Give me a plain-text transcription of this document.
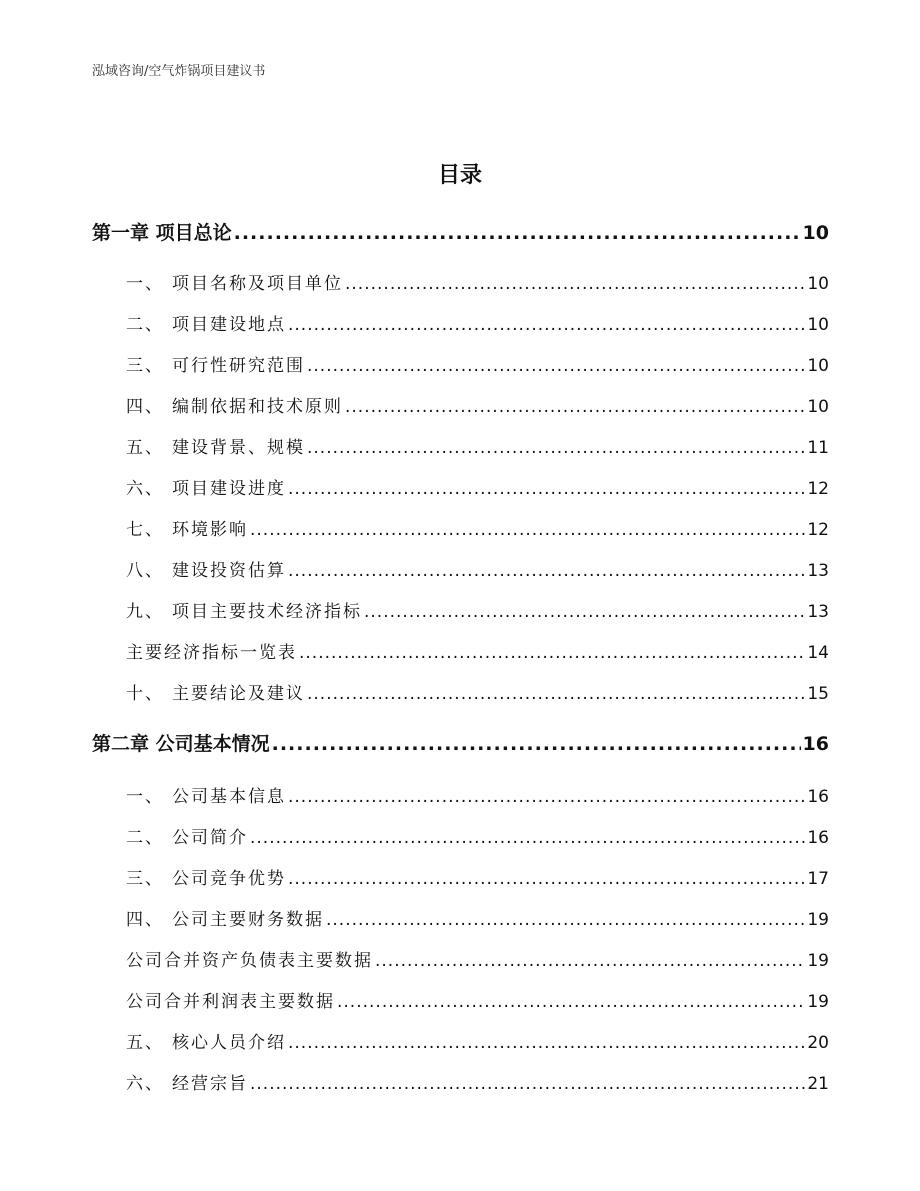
泓域咨询/空气炸锅项目建议书
目录
第一章 项目总论 .....	10
一、 项目名称及项目单位 .....	10
二、 项目建设地点 .....	10
三、 可行性研究范围 .....	10
四、 编制依据和技术原则 .....	10
五、 建设背景、规模 .....	11
六、 项目建设进度 .....	12
七、 环境影响 .....	12
八、 建设投资估算 .....	13
九、 项目主要技术经济指标 .....	13
主要经济指标一览表 .....	14
十、 主要结论及建议 .....	15
第二章 公司基本情况 .....	16
一、 公司基本信息 .....	16
二、 公司简介 .....	16
三、 公司竞争优势 .....	17
四、 公司主要财务数据 .....	19
公司合并资产负债表主要数据 .....	19
公司合并利润表主要数据 .....	19
五、 核心人员介绍 .....	20
六、 经营宗旨 .....	21
